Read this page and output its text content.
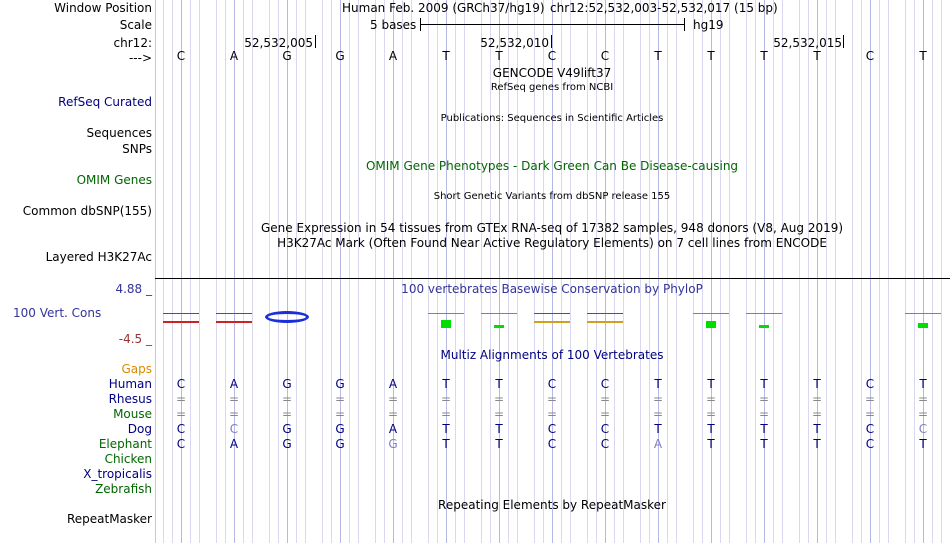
Window Position	Human Feb. 2009 (GRCh37/hg19) chr12:52,532,003-52,532,017 (15 bp)
Scale	5 bases	hg19
chr12:	52,532,005	52,532,010	52,532,015
---> C	A	G	G	A	T	T	C	C	T	T	T	T	C	T
GENCODE V49lift37
RefSeq genes from NCBI
RefSeq Curated
Publications: Sequences in Scientific Articles
Sequences
SNPs
OMIM Gene Phenotypes - Dark Green Can Be Disease-causing
OMIM Genes
Short Genetic Variants from dbSNP release 155
Common dbSNP(155)
Gene Expression in 54 tissues from GTEx RNA-seq of 17382 samples, 948 donors (V8, Aug 2019)
H3K27Ac Mark (Often Found Near Active Regulatory Elements) on 7 cell lines from ENCODE
Layered H3K27Ac
4.88 _	100 vertebrates Basewise Conservation by PhyloP
100 Vert. Cons
-4.5 _
Multiz Alignments of 100 Vertebrates
Gaps
Human C	A	G	G	A	T	T	C	C	T	T	T	T	C	T
Rhesus =	=	=	=	=	=	=	=	=	=	=	=	=	=	=
Mouse =	=	=	=	=	=	=	=	=	=	=	=	=	=	=
Dog C	C	G	G	A	T	T	C	C	T	T	T	T	C	C
Elephant C	A	G	G	G	T	T	C	C	A	T	T	T	C	T
Chicken
X_tropicalis
Zebrafish
Repeating Elements by RepeatMasker
RepeatMasker
